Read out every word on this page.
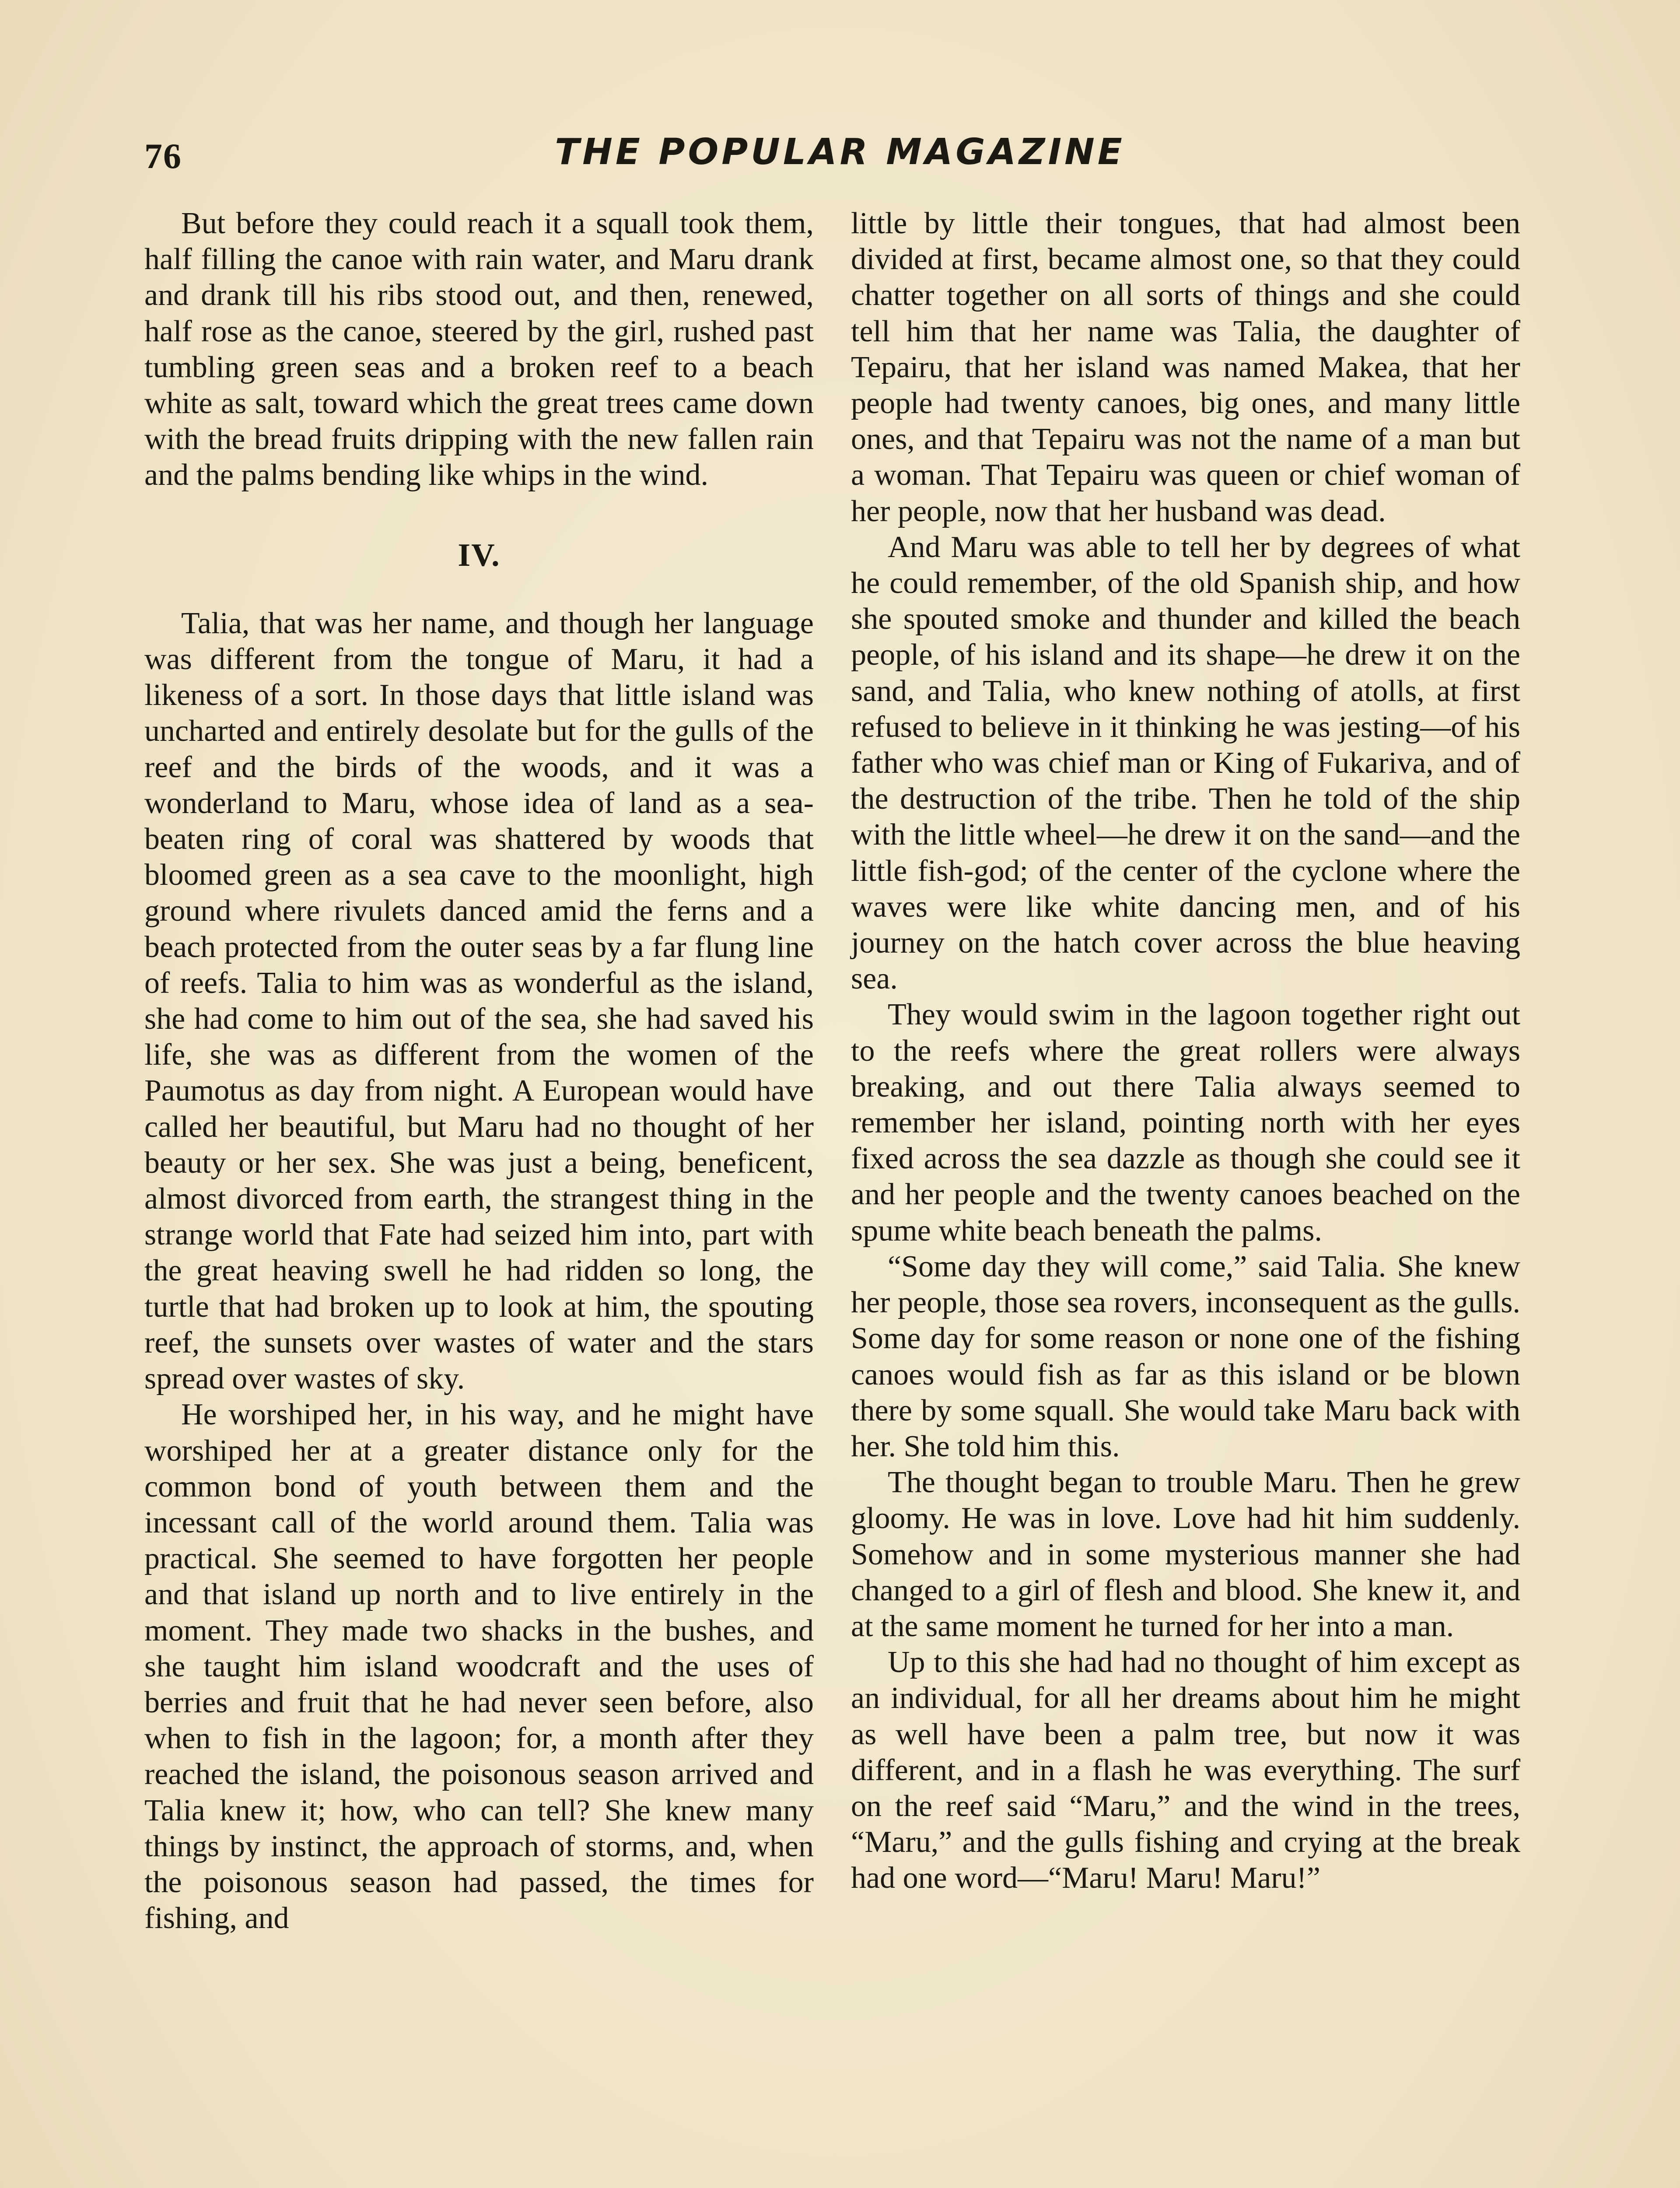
76	THE POPULAR MAGAZINE

But before they could reach it a squall took them, half filling the canoe with rain water, and Maru drank and drank till his ribs stood out, and then, renewed, half rose as the canoe, steered by the girl, rushed past tumbling green seas and a broken reef to a beach white as salt, toward which the great trees came down with the bread fruits dripping with the new fallen rain and the palms bending like whips in the wind.

IV.

Talia, that was her name, and though her language was different from the tongue of Maru, it had a likeness of a sort. In those days that little island was uncharted and entirely desolate but for the gulls of the reef and the birds of the woods, and it was a wonderland to Maru, whose idea of land as a sea-beaten ring of coral was shattered by woods that bloomed green as a sea cave to the moonlight, high ground where rivulets danced amid the ferns and a beach protected from the outer seas by a far flung line of reefs. Talia to him was as wonderful as the island, she had come to him out of the sea, she had saved his life, she was as different from the women of the Paumotus as day from night. A European would have called her beautiful, but Maru had no thought of her beauty or her sex. She was just a being, beneficent, almost divorced from earth, the strangest thing in the strange world that Fate had seized him into, part with the great heaving swell he had ridden so long, the turtle that had broken up to look at him, the spouting reef, the sunsets over wastes of water and the stars spread over wastes of sky.

He worshiped her, in his way, and he might have worshiped her at a greater distance only for the common bond of youth between them and the incessant call of the world around them. Talia was practical. She seemed to have forgotten her people and that island up north and to live entirely in the moment. They made two shacks in the bushes, and she taught him island woodcraft and the uses of berries and fruit that he had never seen before, also when to fish in the lagoon; for, a month after they reached the island, the poisonous season arrived and Talia knew it; how, who can tell? She knew many things by instinct, the approach of storms, and, when the poisonous season had passed, the times for fishing, and

little by little their tongues, that had almost been divided at first, became almost one, so that they could chatter together on all sorts of things and she could tell him that her name was Talia, the daughter of Tepairu, that her island was named Makea, that her people had twenty canoes, big ones, and many little ones, and that Tepairu was not the name of a man but a woman. That Tepairu was queen or chief woman of her people, now that her husband was dead.

And Maru was able to tell her by degrees of what he could remember, of the old Spanish ship, and how she spouted smoke and thunder and killed the beach people, of his island and its shape—he drew it on the sand, and Talia, who knew nothing of atolls, at first refused to believe in it thinking he was jesting—of his father who was chief man or King of Fukariva, and of the destruction of the tribe. Then he told of the ship with the little wheel—he drew it on the sand—and the little fish-god; of the center of the cyclone where the waves were like white dancing men, and of his journey on the hatch cover across the blue heaving sea.

They would swim in the lagoon together right out to the reefs where the great rollers were always breaking, and out there Talia always seemed to remember her island, pointing north with her eyes fixed across the sea dazzle as though she could see it and her people and the twenty canoes beached on the spume white beach beneath the palms.

“Some day they will come,” said Talia. She knew her people, those sea rovers, inconsequent as the gulls. Some day for some reason or none one of the fishing canoes would fish as far as this island or be blown there by some squall. She would take Maru back with her. She told him this.

The thought began to trouble Maru. Then he grew gloomy. He was in love. Love had hit him suddenly. Somehow and in some mysterious manner she had changed to a girl of flesh and blood. She knew it, and at the same moment he turned for her into a man.

Up to this she had had no thought of him except as an individual, for all her dreams about him he might as well have been a palm tree, but now it was different, and in a flash he was everything. The surf on the reef said “Maru,” and the wind in the trees, “Maru,” and the gulls fishing and crying at the break had one word—“Maru! Maru! Maru!”
